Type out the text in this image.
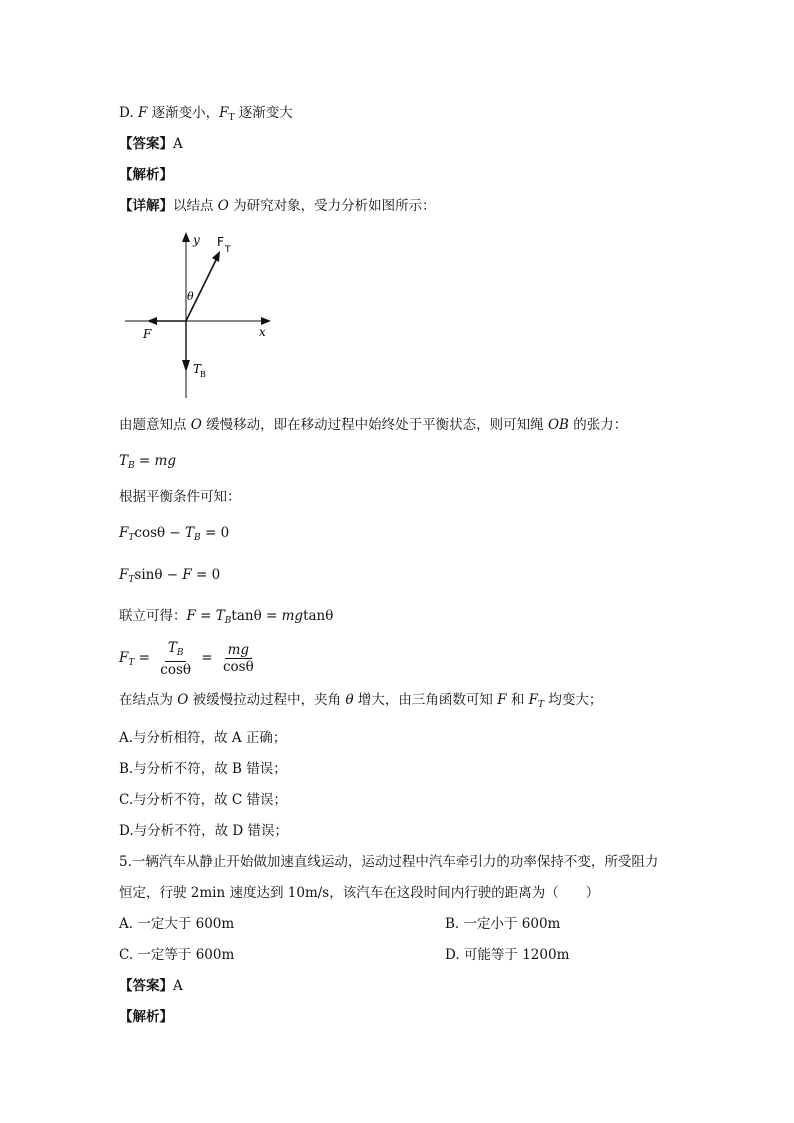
D. F 逐渐变小，$F_T$ 逐渐变大
【答案】A
【解析】
【详解】以结点 O 为研究对象，受力分析如图所示：
y
x
θ
F
T
F
T
B
由题意知点 O 缓慢移动，即在移动过程中始终处于平衡状态，则可知绳 OB 的张力：
$T_B$ = mg
根据平衡条件可知：
$F_T\cos\theta - T_B = 0$
$F_T\sin\theta - F = 0$
联立可得：$F = T_B\tan\theta = mgtan\theta$
$F_T = \frac{T_B}{\cos\theta} = \frac{mg}{\cos\theta}$
在结点为 O 被缓慢拉动过程中，夹角 θ 增大，由三角函数可知 F 和 $F_T$ 均变大；
A.与分析相符，故 A 正确；
B.与分析不符，故 B 错误；
C.与分析不符，故 C 错误；
D.与分析不符，故 D 错误；
5.一辆汽车从静止开始做加速直线运动，运动过程中汽车牵引力的功率保持不变，所受阻力
恒定，行驶 2min 速度达到 10m/s，该汽车在这段时间内行驶的距离为（　　）
A. 一定大于 600m	B. 一定小于 600m
C. 一定等于 600m	D. 可能等于 1200m
【答案】A
【解析】
